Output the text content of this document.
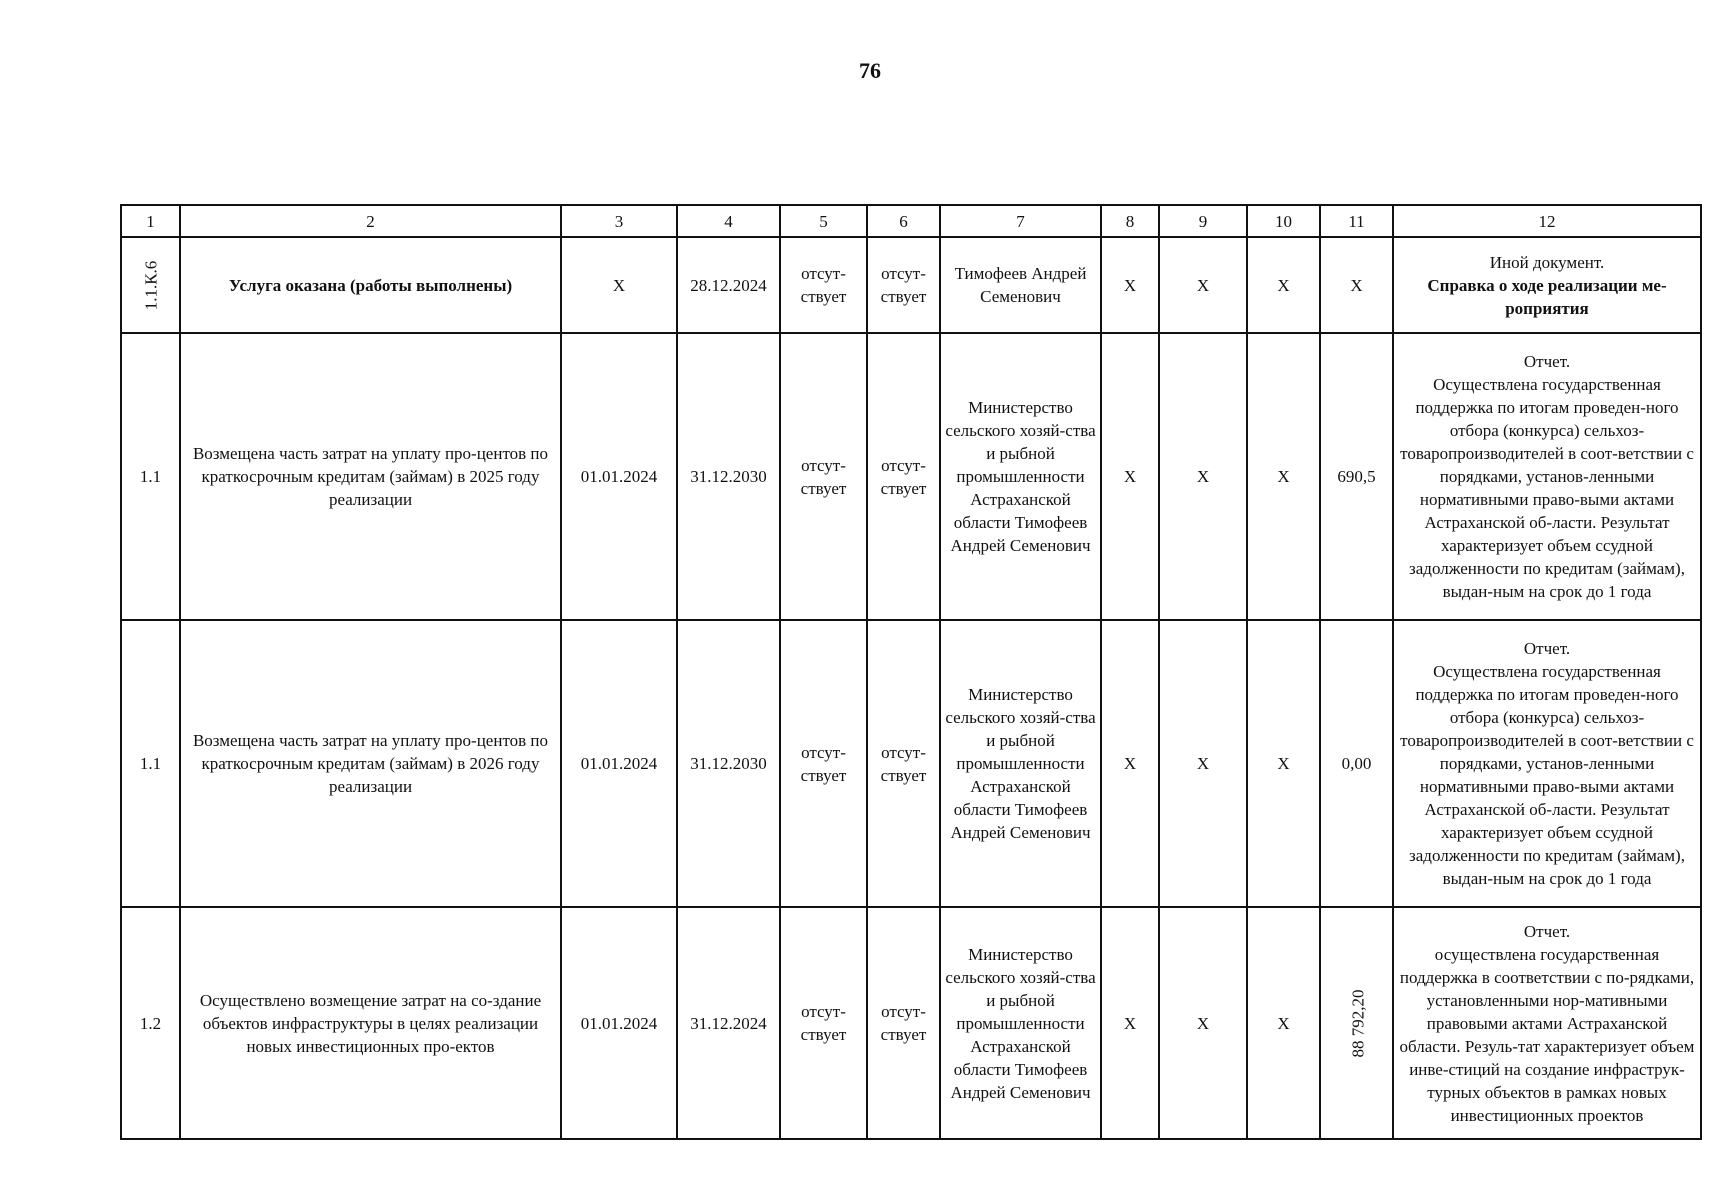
76
1	2	3	4	5	6	7	8	9	10	11	12
1.1.К.6	Услуга оказана (работы выполнены)	X	28.12.2024	отсут-ствует	отсут-ствует	Тимофеев Андрей Семенович	X	X	X	X	Иной документ.
Справка о ходе реализации ме-роприятия

1.1	Возмещена часть затрат на уплату про-центов по краткосрочным кредитам (займам) в 2025 году реализации	01.01.2024	31.12.2030	отсут-ствует	отсут-ствует	Министерство сельского хозяй-ства и рыбной промышленности Астраханской области Тимофеев Андрей Семенович	X	X	X	690,5	Отчет.
Осуществлена государственная поддержка по итогам проведен-ного отбора (конкурса) сельхоз-товаропроизводителей в соот-ветствии с порядками, установ-ленными нормативными право-выми актами Астраханской об-ласти. Результат характеризует объем ссудной задолженности по кредитам (займам), выдан-ным на срок до 1 года

1.1	Возмещена часть затрат на уплату про-центов по краткосрочным кредитам (займам) в 2026 году реализации	01.01.2024	31.12.2030	отсут-ствует	отсут-ствует	Министерство сельского хозяй-ства и рыбной промышленности Астраханской области Тимофеев Андрей Семенович	X	X	X	0,00	Отчет.
Осуществлена государственная поддержка по итогам проведен-ного отбора (конкурса) сельхоз-товаропроизводителей в соот-ветствии с порядками, установ-ленными нормативными право-выми актами Астраханской об-ласти. Результат характеризует объем ссудной задолженности по кредитам (займам), выдан-ным на срок до 1 года

1.2	Осуществлено возмещение затрат на со-здание объектов инфраструктуры в целях реализации новых инвестиционных про-ектов	01.01.2024	31.12.2024	отсут-ствует	отсут-ствует	Министерство сельского хозяй-ства и рыбной промышленности Астраханской области Тимофеев Андрей Семенович	X	X	X	88 792,20	Отчет.
осуществлена государственная поддержка в соответствии с по-рядками, установленными нор-мативными правовыми актами Астраханской области. Резуль-тат характеризует объем инве-стиций на создание инфраструк-турных объектов в рамках новых инвестиционных проектов
